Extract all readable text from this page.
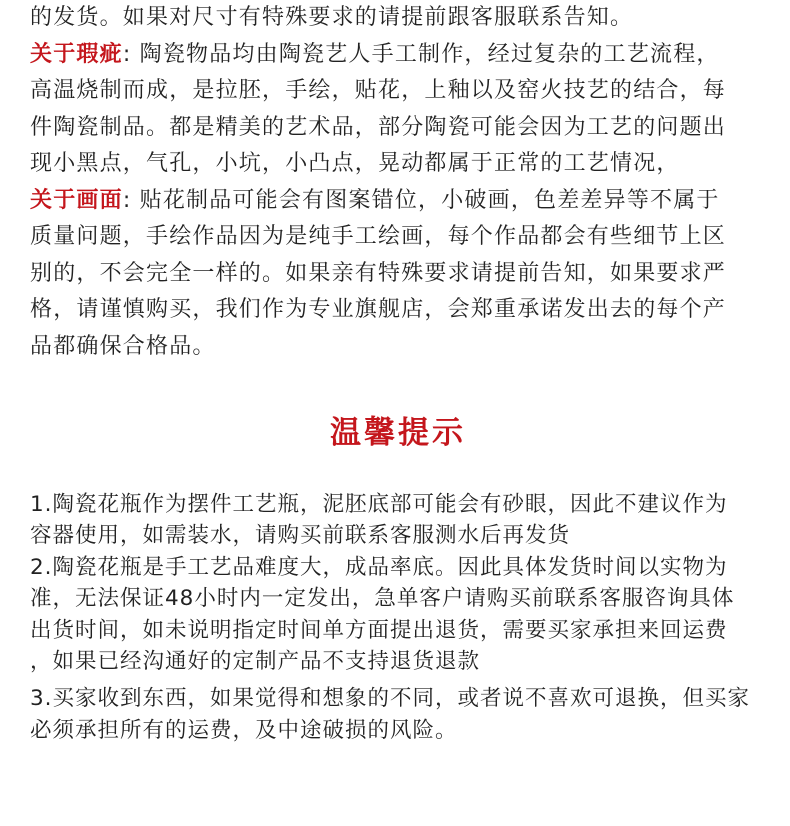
的发货。如果对尺寸有特殊要求的请提前跟客服联系告知。

关于瑕疵: 陶瓷物品均由陶瓷艺人手工制作，经过复杂的工艺流程，

高温烧制而成，是拉胚，手绘，贴花，上釉以及窑火技艺的结合，每

件陶瓷制品。都是精美的艺术品，部分陶瓷可能会因为工艺的问题出

现小黑点，气孔，小坑，小凸点，晃动都属于正常的工艺情况，

关于画面: 贴花制品可能会有图案错位，小破画，色差差异等不属于

质量问题，手绘作品因为是纯手工绘画，每个作品都会有些细节上区

别的，不会完全一样的。如果亲有特殊要求请提前告知，如果要求严

格，请谨慎购买，我们作为专业旗舰店，会郑重承诺发出去的每个产

品都确保合格品。

温馨提示

1.陶瓷花瓶作为摆件工艺瓶，泥胚底部可能会有砂眼，因此不建议作为

容器使用，如需装水，请购买前联系客服测水后再发货

2.陶瓷花瓶是手工艺品难度大，成品率底。因此具体发货时间以实物为

准，无法保证48小时内一定发出，急单客户请购买前联系客服咨询具体

出货时间，如未说明指定时间单方面提出退货，需要买家承担来回运费

，如果已经沟通好的定制产品不支持退货退款

3.买家收到东西，如果觉得和想象的不同，或者说不喜欢可退换，但买家

必须承担所有的运费，及中途破损的风险。
